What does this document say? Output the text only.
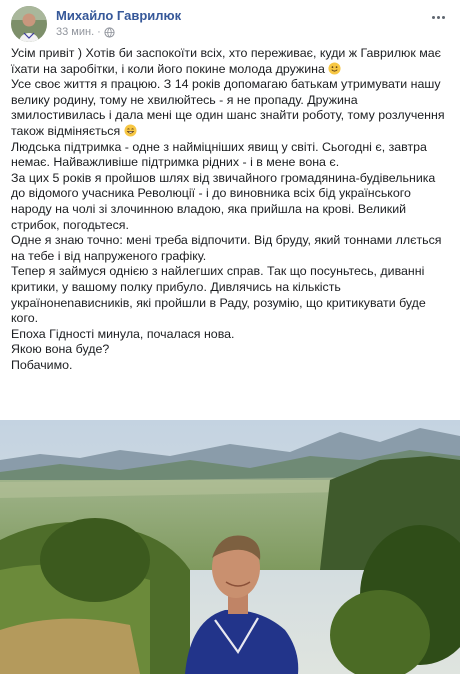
Михайло Гаврилюк
33 мин. ·

Усім привіт ) Хотів би заспокоїти всіх, хто переживає, куди ж Гаврилюк має їхати на заробітки, і коли його покине молода дружина

Усе своє життя я працюю. З 14 років допомагаю батькам утримувати нашу велику родину, тому не хвилюйтесь - я не пропаду. Дружина змилостивилась і дала мені ще один шанс знайти роботу, тому розлучення також відміняється

Людська підтримка - одне з найміцніших явищ у світі. Сьогодні є, завтра немає. Найважливіше підтримка рідних - і в мене вона є.

За цих 5 років я пройшов шлях від звичайного громадянина-будівельника до відомого учасника Революції - і до виновника всіх бід українського народу на чолі зі злочинною владою, яка прийшла на крові. Великий стрибок, погодьтеся.

Одне я знаю точно: мені треба відпочити. Від бруду, який тоннами ллється на тебе і від напруженого графіку.

Тепер я займуся однією з найлегших справ. Так що посуньтесь, диванні критики, у вашому полку прибуло. Дивлячись на кількість українонenависників, які пройшли в Раду, розумію, що критикувати буде кого.

Епоха Гідності минула, почалася нова.

Якою вона буде?

Побачимо.
